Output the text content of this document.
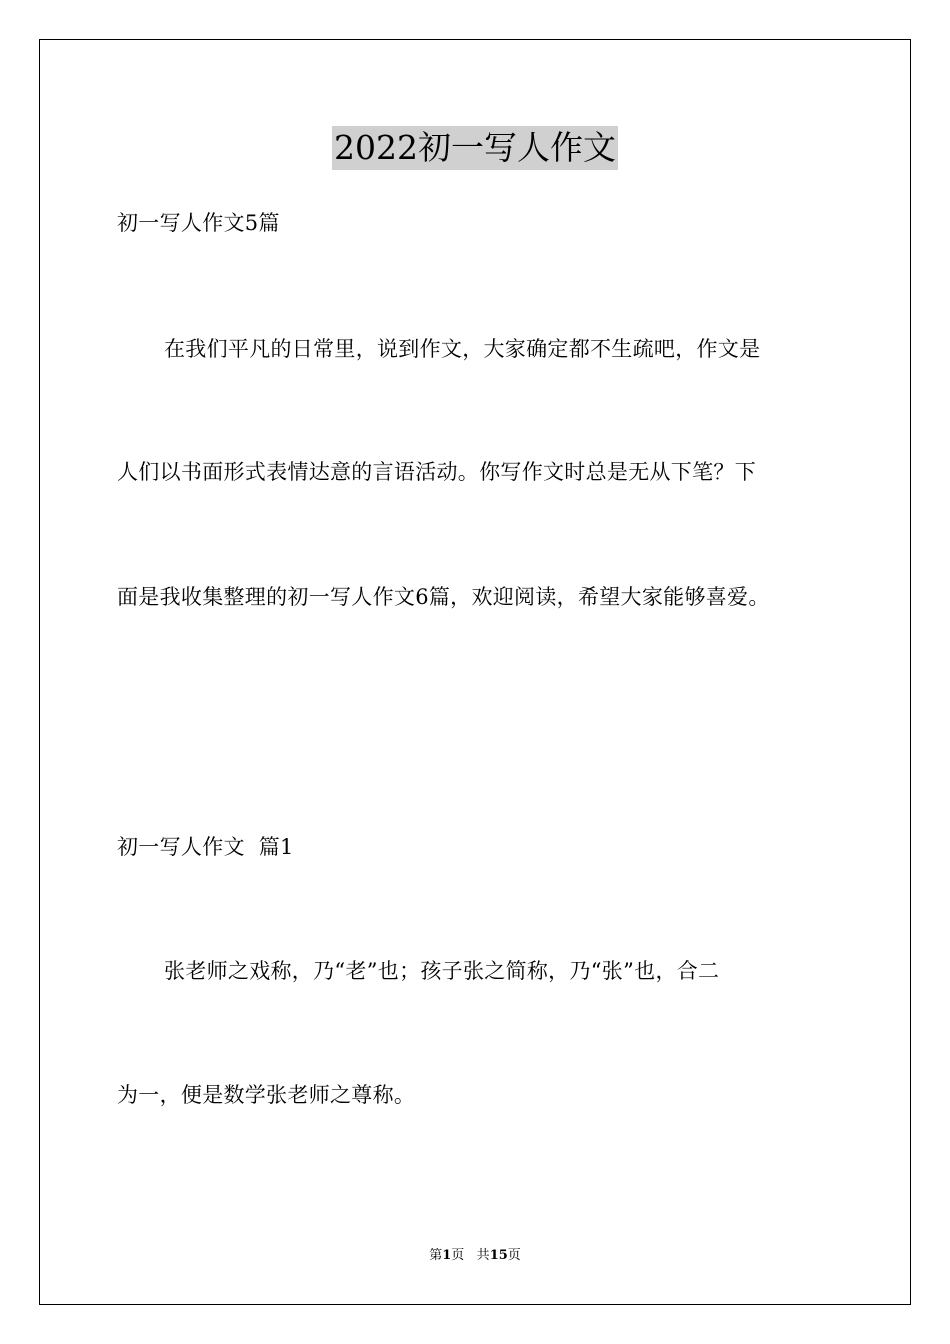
2022初一写人作文
初一写人作文5篇
在我们平凡的日常里，说到作文，大家确定都不生疏吧，作文是
人们以书面形式表情达意的言语活动。你写作文时总是无从下笔？下
面是我收集整理的初一写人作文6篇，欢迎阅读，希望大家能够喜爱。
初一写人作文  篇1
张老师之戏称，乃“老”也；孩子张之简称，乃“张”也，合二
为一，便是数学张老师之尊称。
第1页 共15页
